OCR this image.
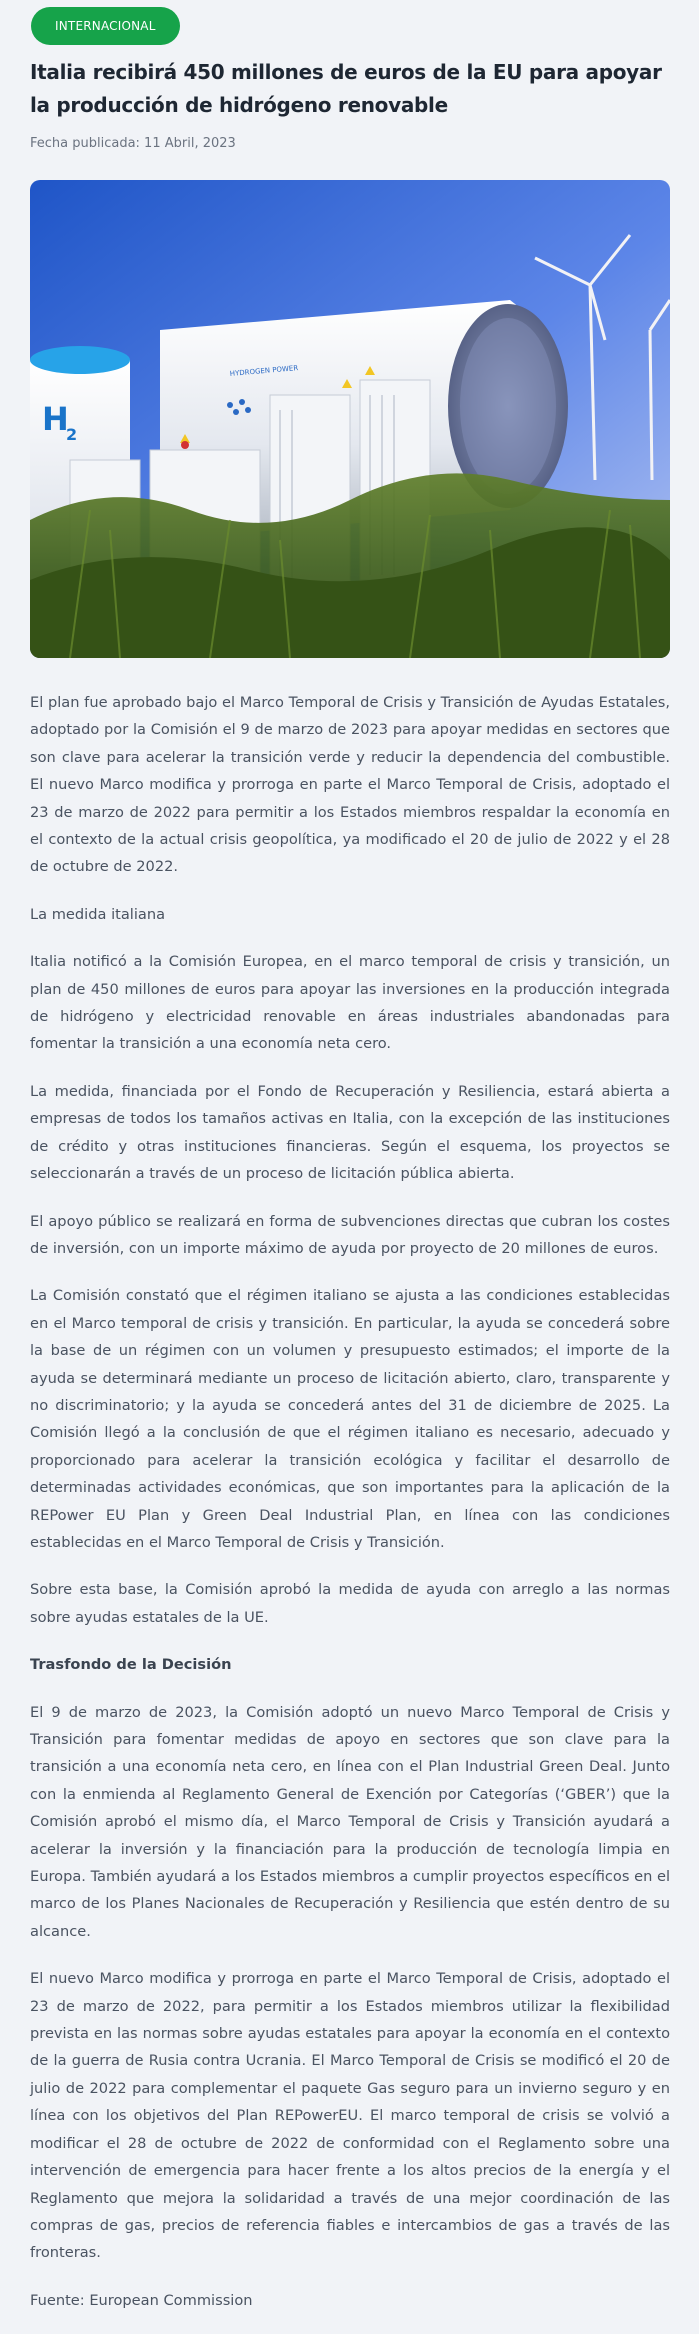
INTERNACIONAL
Italia recibirá 450 millones de euros de la EU para apoyar la producción de hidrógeno renovable
Fecha publicada: 11 Abril, 2023
H
2
HYDROGEN POWER

El plan fue aprobado bajo el Marco Temporal de Crisis y Transición de Ayudas Estatales, adoptado por la Comisión el 9 de marzo de 2023 para apoyar medidas en sectores que son clave para acelerar la transición verde y reducir la dependencia del combustible. El nuevo Marco modifica y prorroga en parte el Marco Temporal de Crisis, adoptado el 23 de marzo de 2022 para permitir a los Estados miembros respaldar la economía en el contexto de la actual crisis geopolítica, ya modificado el 20 de julio de 2022 y el 28 de octubre de 2022.

La medida italiana

Italia notificó a la Comisión Europea, en el marco temporal de crisis y transición, un plan de 450 millones de euros para apoyar las inversiones en la producción integrada de hidrógeno y electricidad renovable en áreas industriales abandonadas para fomentar la transición a una economía neta cero.

La medida, financiada por el Fondo de Recuperación y Resiliencia, estará abierta a empresas de todos los tamaños activas en Italia, con la excepción de las instituciones de crédito y otras instituciones financieras. Según el esquema, los proyectos se seleccionarán a través de un proceso de licitación pública abierta.

El apoyo público se realizará en forma de subvenciones directas que cubran los costes de inversión, con un importe máximo de ayuda por proyecto de 20 millones de euros.

La Comisión constató que el régimen italiano se ajusta a las condiciones establecidas en el Marco temporal de crisis y transición. En particular, la ayuda se concederá sobre la base de un régimen con un volumen y presupuesto estimados; el importe de la ayuda se determinará mediante un proceso de licitación abierto, claro, transparente y no discriminatorio; y la ayuda se concederá antes del 31 de diciembre de 2025. La Comisión llegó a la conclusión de que el régimen italiano es necesario, adecuado y proporcionado para acelerar la transición ecológica y facilitar el desarrollo de determinadas actividades económicas, que son importantes para la aplicación de la REPower EU Plan y Green Deal Industrial Plan, en línea con las condiciones establecidas en el Marco Temporal de Crisis y Transición.

Sobre esta base, la Comisión aprobó la medida de ayuda con arreglo a las normas sobre ayudas estatales de la UE.

Trasfondo de la Decisión

El 9 de marzo de 2023, la Comisión adoptó un nuevo Marco Temporal de Crisis y Transición para fomentar medidas de apoyo en sectores que son clave para la transición a una economía neta cero, en línea con el Plan Industrial Green Deal. Junto con la enmienda al Reglamento General de Exención por Categorías (‘GBER’) que la Comisión aprobó el mismo día, el Marco Temporal de Crisis y Transición ayudará a acelerar la inversión y la financiación para la producción de tecnología limpia en Europa. También ayudará a los Estados miembros a cumplir proyectos específicos en el marco de los Planes Nacionales de Recuperación y Resiliencia que estén dentro de su alcance.

El nuevo Marco modifica y prorroga en parte el Marco Temporal de Crisis, adoptado el 23 de marzo de 2022, para permitir a los Estados miembros utilizar la flexibilidad prevista en las normas sobre ayudas estatales para apoyar la economía en el contexto de la guerra de Rusia contra Ucrania. El Marco Temporal de Crisis se modificó el 20 de julio de 2022 para complementar el paquete Gas seguro para un invierno seguro y en línea con los objetivos del Plan REPowerEU. El marco temporal de crisis se volvió a modificar el 28 de octubre de 2022 de conformidad con el Reglamento sobre una intervención de emergencia para hacer frente a los altos precios de la energía y el Reglamento que mejora la solidaridad a través de una mejor coordinación de las compras de gas, precios de referencia fiables e intercambios de gas a través de las fronteras.

Fuente: European Commission
